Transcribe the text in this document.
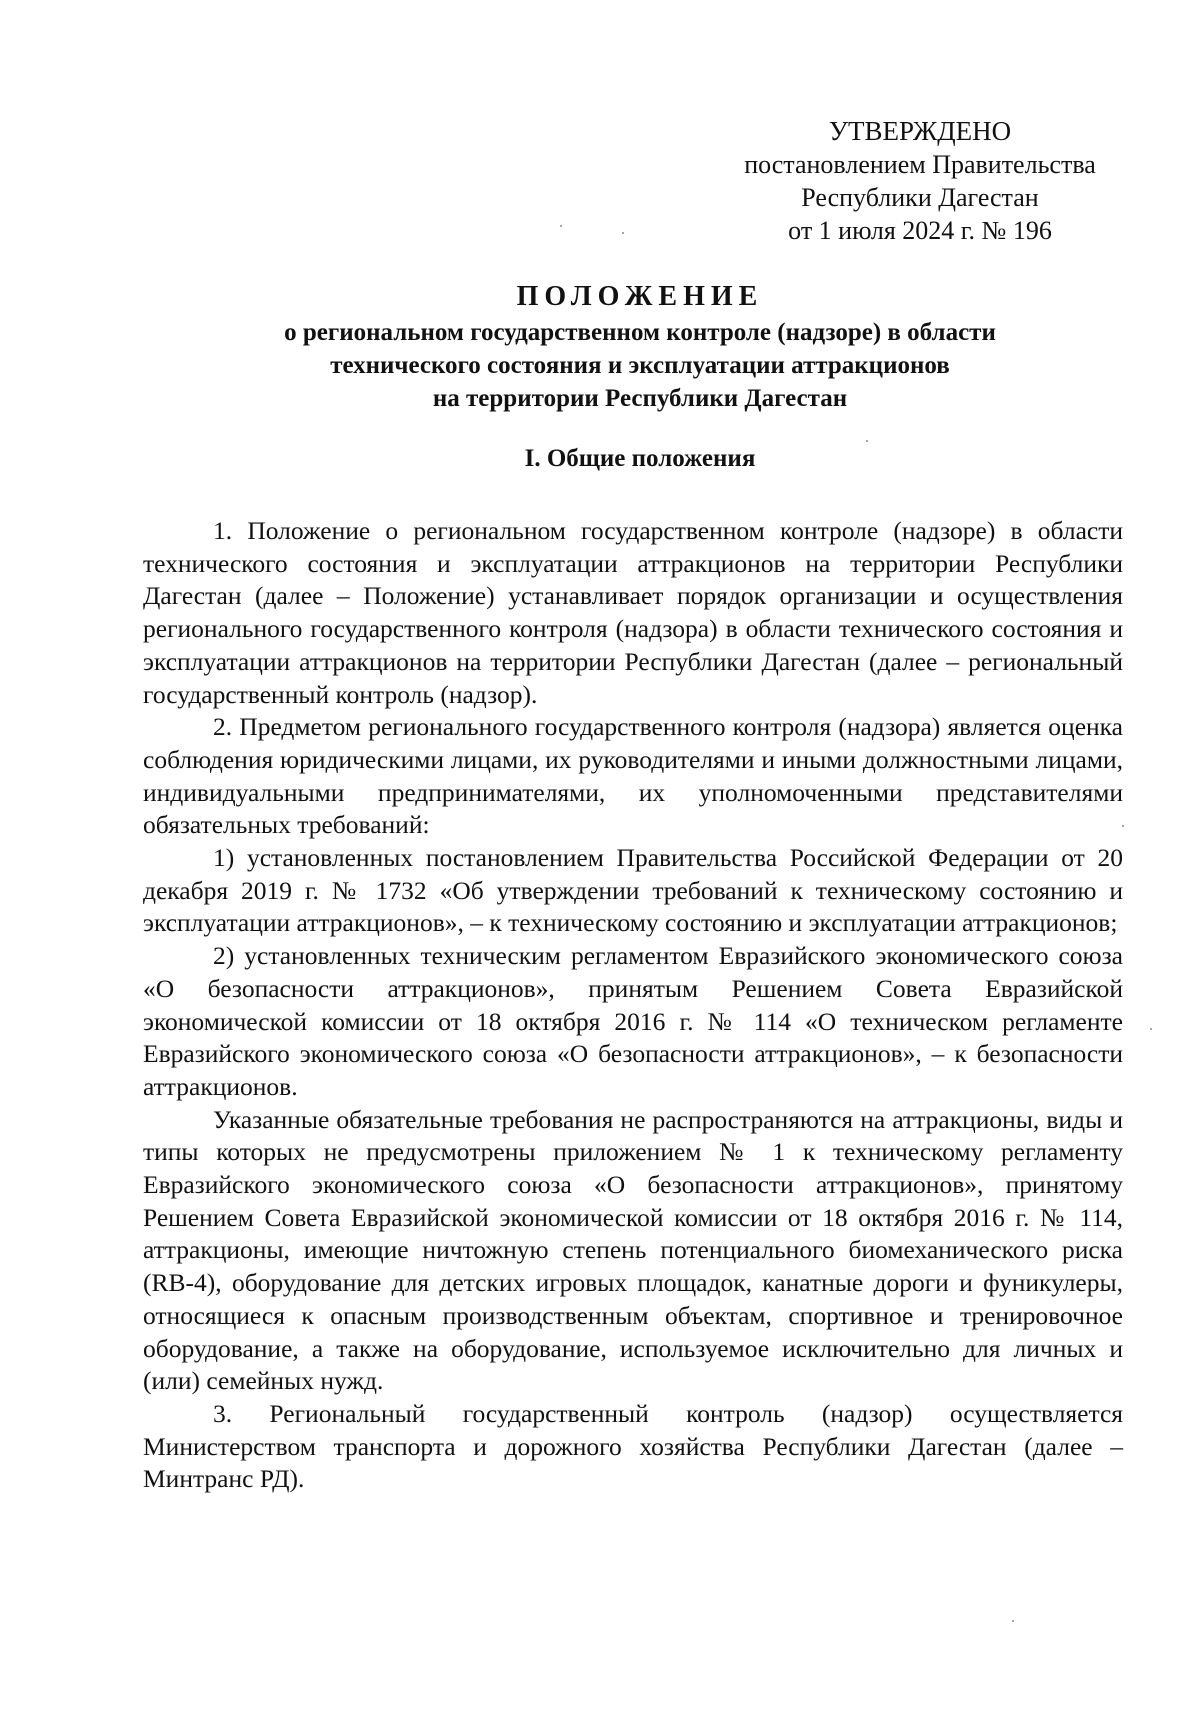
УТВЕРЖДЕНО
постановлением Правительства
Республики Дагестан
от 1 июля 2024 г. № 196
ПОЛОЖЕНИЕ
о региональном государственном контроле (надзоре) в области
технического состояния и эксплуатации аттракционов
на территории Республики Дагестан
I. Общие положения

1. Положение о региональном государственном контроле (надзоре) в области технического состояния и эксплуатации аттракционов на территории Республики Дагестан (далее – Положение) устанавливает порядок организации и осуществления регионального государственного контроля (надзора) в области технического состояния и эксплуатации аттракционов на территории Республики Дагестан (далее – региональный государственный контроль (надзор).

2. Предметом регионального государственного контроля (надзора) является оценка соблюдения юридическими лицами, их руководителями и иными должностными лицами, индивидуальными предпринимателями, их уполномоченными представителями обязательных требований:

1) установленных постановлением Правительства Российской Федерации от 20 декабря 2019 г. № 1732 «Об утверждении требований к техническому состоянию и эксплуатации аттракционов», – к техническому состоянию и эксплуатации аттракционов;

2) установленных техническим регламентом Евразийского экономического союза «О безопасности аттракционов», принятым Решением Совета Евразийской экономической комиссии от 18 октября 2016 г. № 114 «О техническом регламенте Евразийского экономического союза «О безопасности аттракционов», – к безопасности аттракционов.

Указанные обязательные требования не распространяются на аттракционы, виды и типы которых не предусмотрены приложением № 1 к техническому регламенту Евразийского экономического союза «О безопасности аттракционов», принятому Решением Совета Евразийской экономической комиссии от 18 октября 2016 г. № 114, аттракционы, имеющие ничтожную степень потенциального биомеханического риска (RB-4), оборудование для детских игровых площадок, канатные дороги и фуникулеры, относящиеся к опасным производственным объектам, спортивное и тренировочное оборудование, а также на оборудование, используемое исключительно для личных и (или) семейных нужд.

3. Региональный государственный контроль (надзор) осуществляется Министерством транспорта и дорожного хозяйства Республики Дагестан (далее – Минтранс РД).
